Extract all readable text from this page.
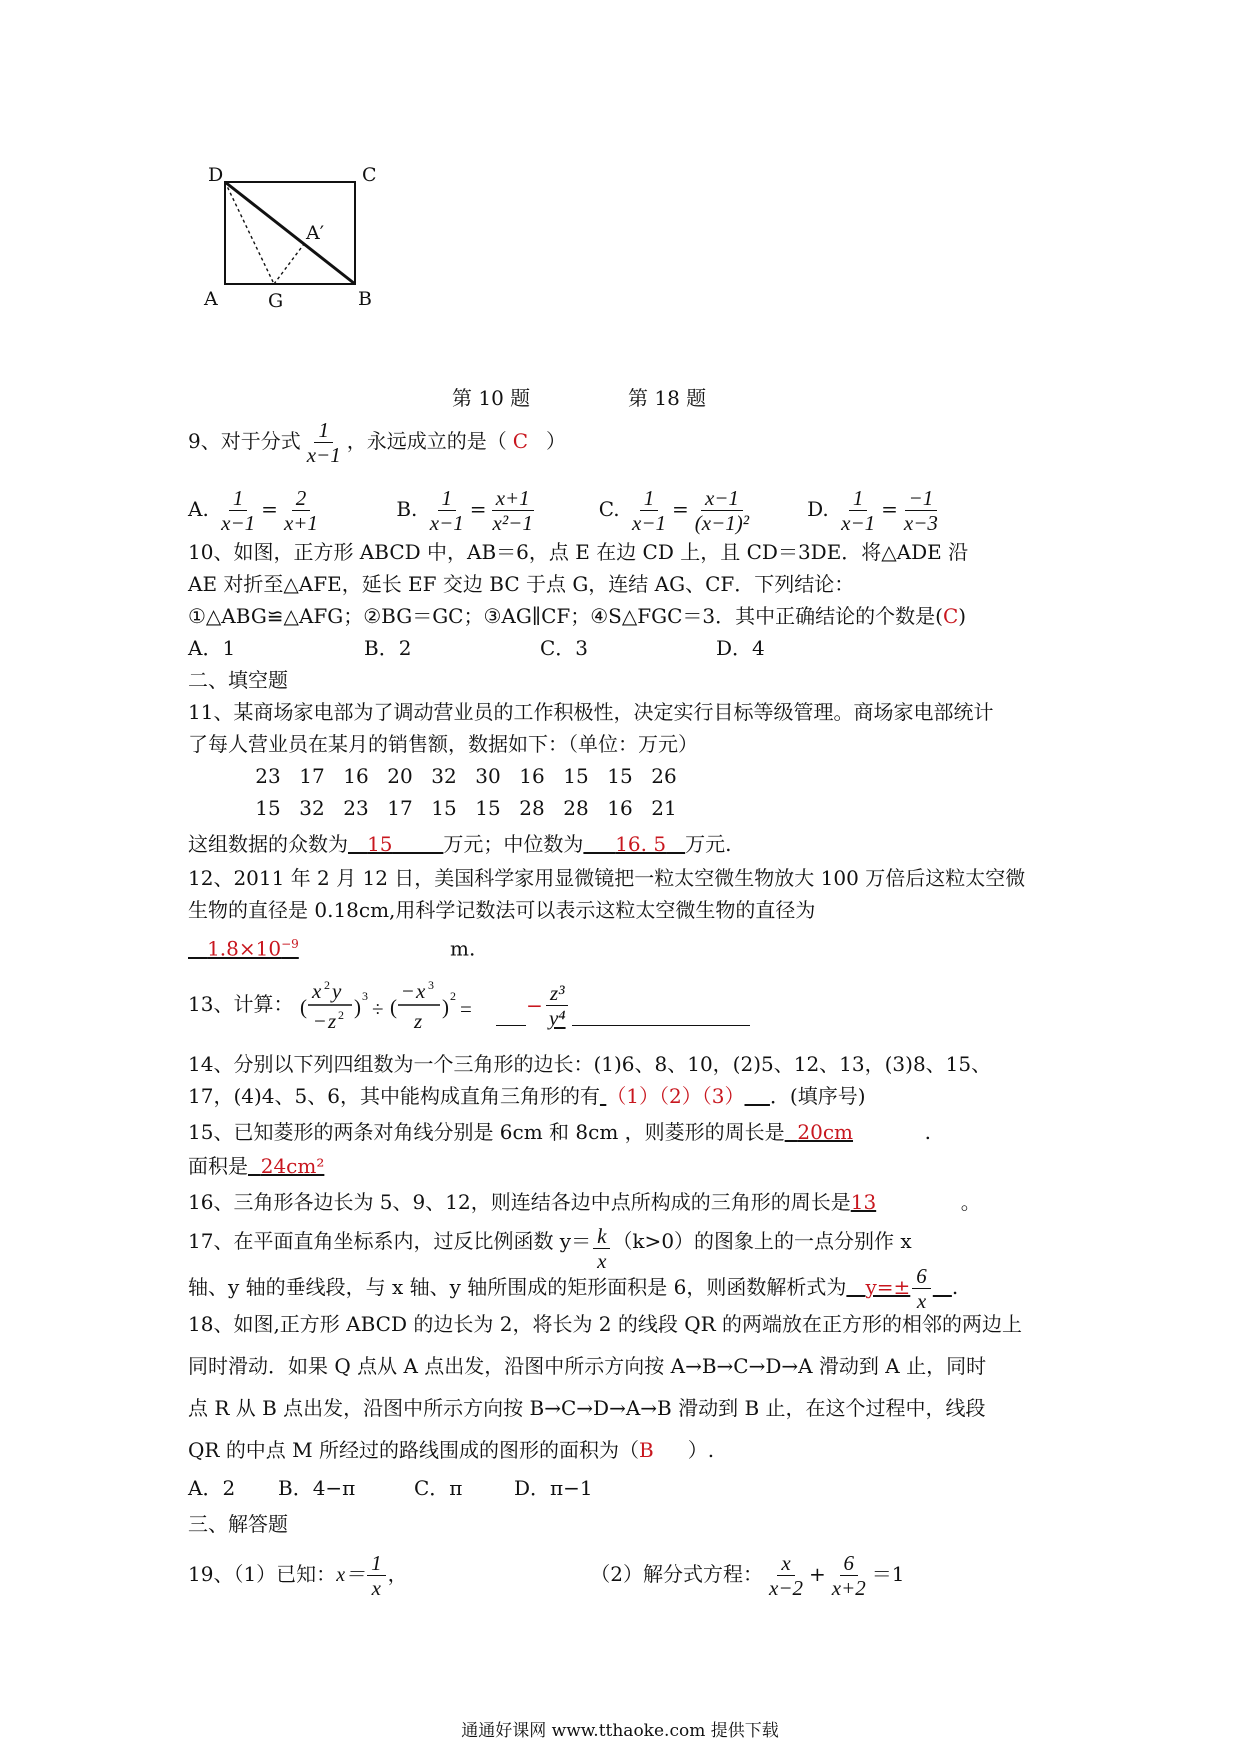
D	C
A′
A	G	B
第 10 题	第 18 题
9、对于分式 $\frac{1}{x-1}$ ，永远成立的是（ C ）
A. $\frac{1}{x-1} = \frac{2}{x+1}$	B. $\frac{1}{x-1} = \frac{x+1}{\text{x²−1}}$	C. $\frac{1}{x-1} = \frac{x-1}{\text{(x−1)²}}$	D. $\frac{1}{x-1} = \frac{-1}{x-3}$
10、如图，正方形 ABCD 中，AB＝6，点 E 在边 CD 上，且 CD＝3DE．将△ADE 沿
AE 对折至△AFE，延长 EF 交边 BC 于点 G，连结 AG、CF．下列结论：
①△ABG≌△AFG；②BG＝GC；③AG∥CF；④S△FGC＝3．其中正确结论的个数是(C)
A．1	B．2	C．3	D．4
二、填空题
11、某商场家电部为了调动营业员的工作积极性，决定实行目标等级管理。商场家电部统计
了每人营业员在某月的销售额，数据如下：（单位：万元）
23 17 16 20 32 30 16 15 15 26
15 32 23 17 15 15 28 28 16 21
这组数据的众数为 15	万元；中位数为 16. 5 万元.
12、2011 年 2 月 12 日，美国科学家用显微镜把一粒太空微生物放大 100 万倍后这粒太空微
生物的直径是 0.18cm,用科学记数法可以表示这粒太空微生物的直径为
$1.8\times 10^{-9}$	m.
13、计算： (
x 2 y
− z 2 ) 3
÷ (
− x 3
z
) 2
=	− $\frac{\text{z³}}{\text{y⁴}}$
14、分别以下列四组数为一个三角形的边长：(1)6、8、10，(2)5、12、13，(3)8、15、
17，(4)4、5、6，其中能构成直角三角形的有 （1）（2）（3） ．(填序号)
15、已知菱形的两条对角线分别是 6cm 和 8cm ，则菱形的周长是 20cm	.
面积是 24cm²
16、三角形各边长为 5、9、12，则连结各边中点所构成的三角形的周长是13	。
17、在平面直角坐标系内，过反比例函数 $y= \frac{k}{x} (k>0)$的图象上的一点分别作 x
轴、y 轴的垂线段，与 x 轴、y 轴所围成的矩形面积是 6，则函数解析式为 $y=\pm \frac{6}{x}$ .
18、如图,正方形 ABCD 的边长为 2，将长为 2 的线段 QR 的两端放在正方形的相邻的两边上
同时滑动．如果 Q 点从 A 点出发，沿图中所示方向按 A→B→C→D→A 滑动到 A 止，同时
点 R 从 B 点出发，沿图中所示方向按 B→C→D→A→B 滑动到 B 止，在这个过程中，线段
QR 的中点 M 所经过的路线围成的图形的面积为（B ）.
A．2 B．4−π	C．π	D．π−1
三、解答题
19、（1）已知：$x= \frac{1}{x}$ ，	（2）解分式方程： $\frac{x}{x-2} + \frac{6}{x+2} =1$
通通好课网 www.tthaoke.com 提供下载
